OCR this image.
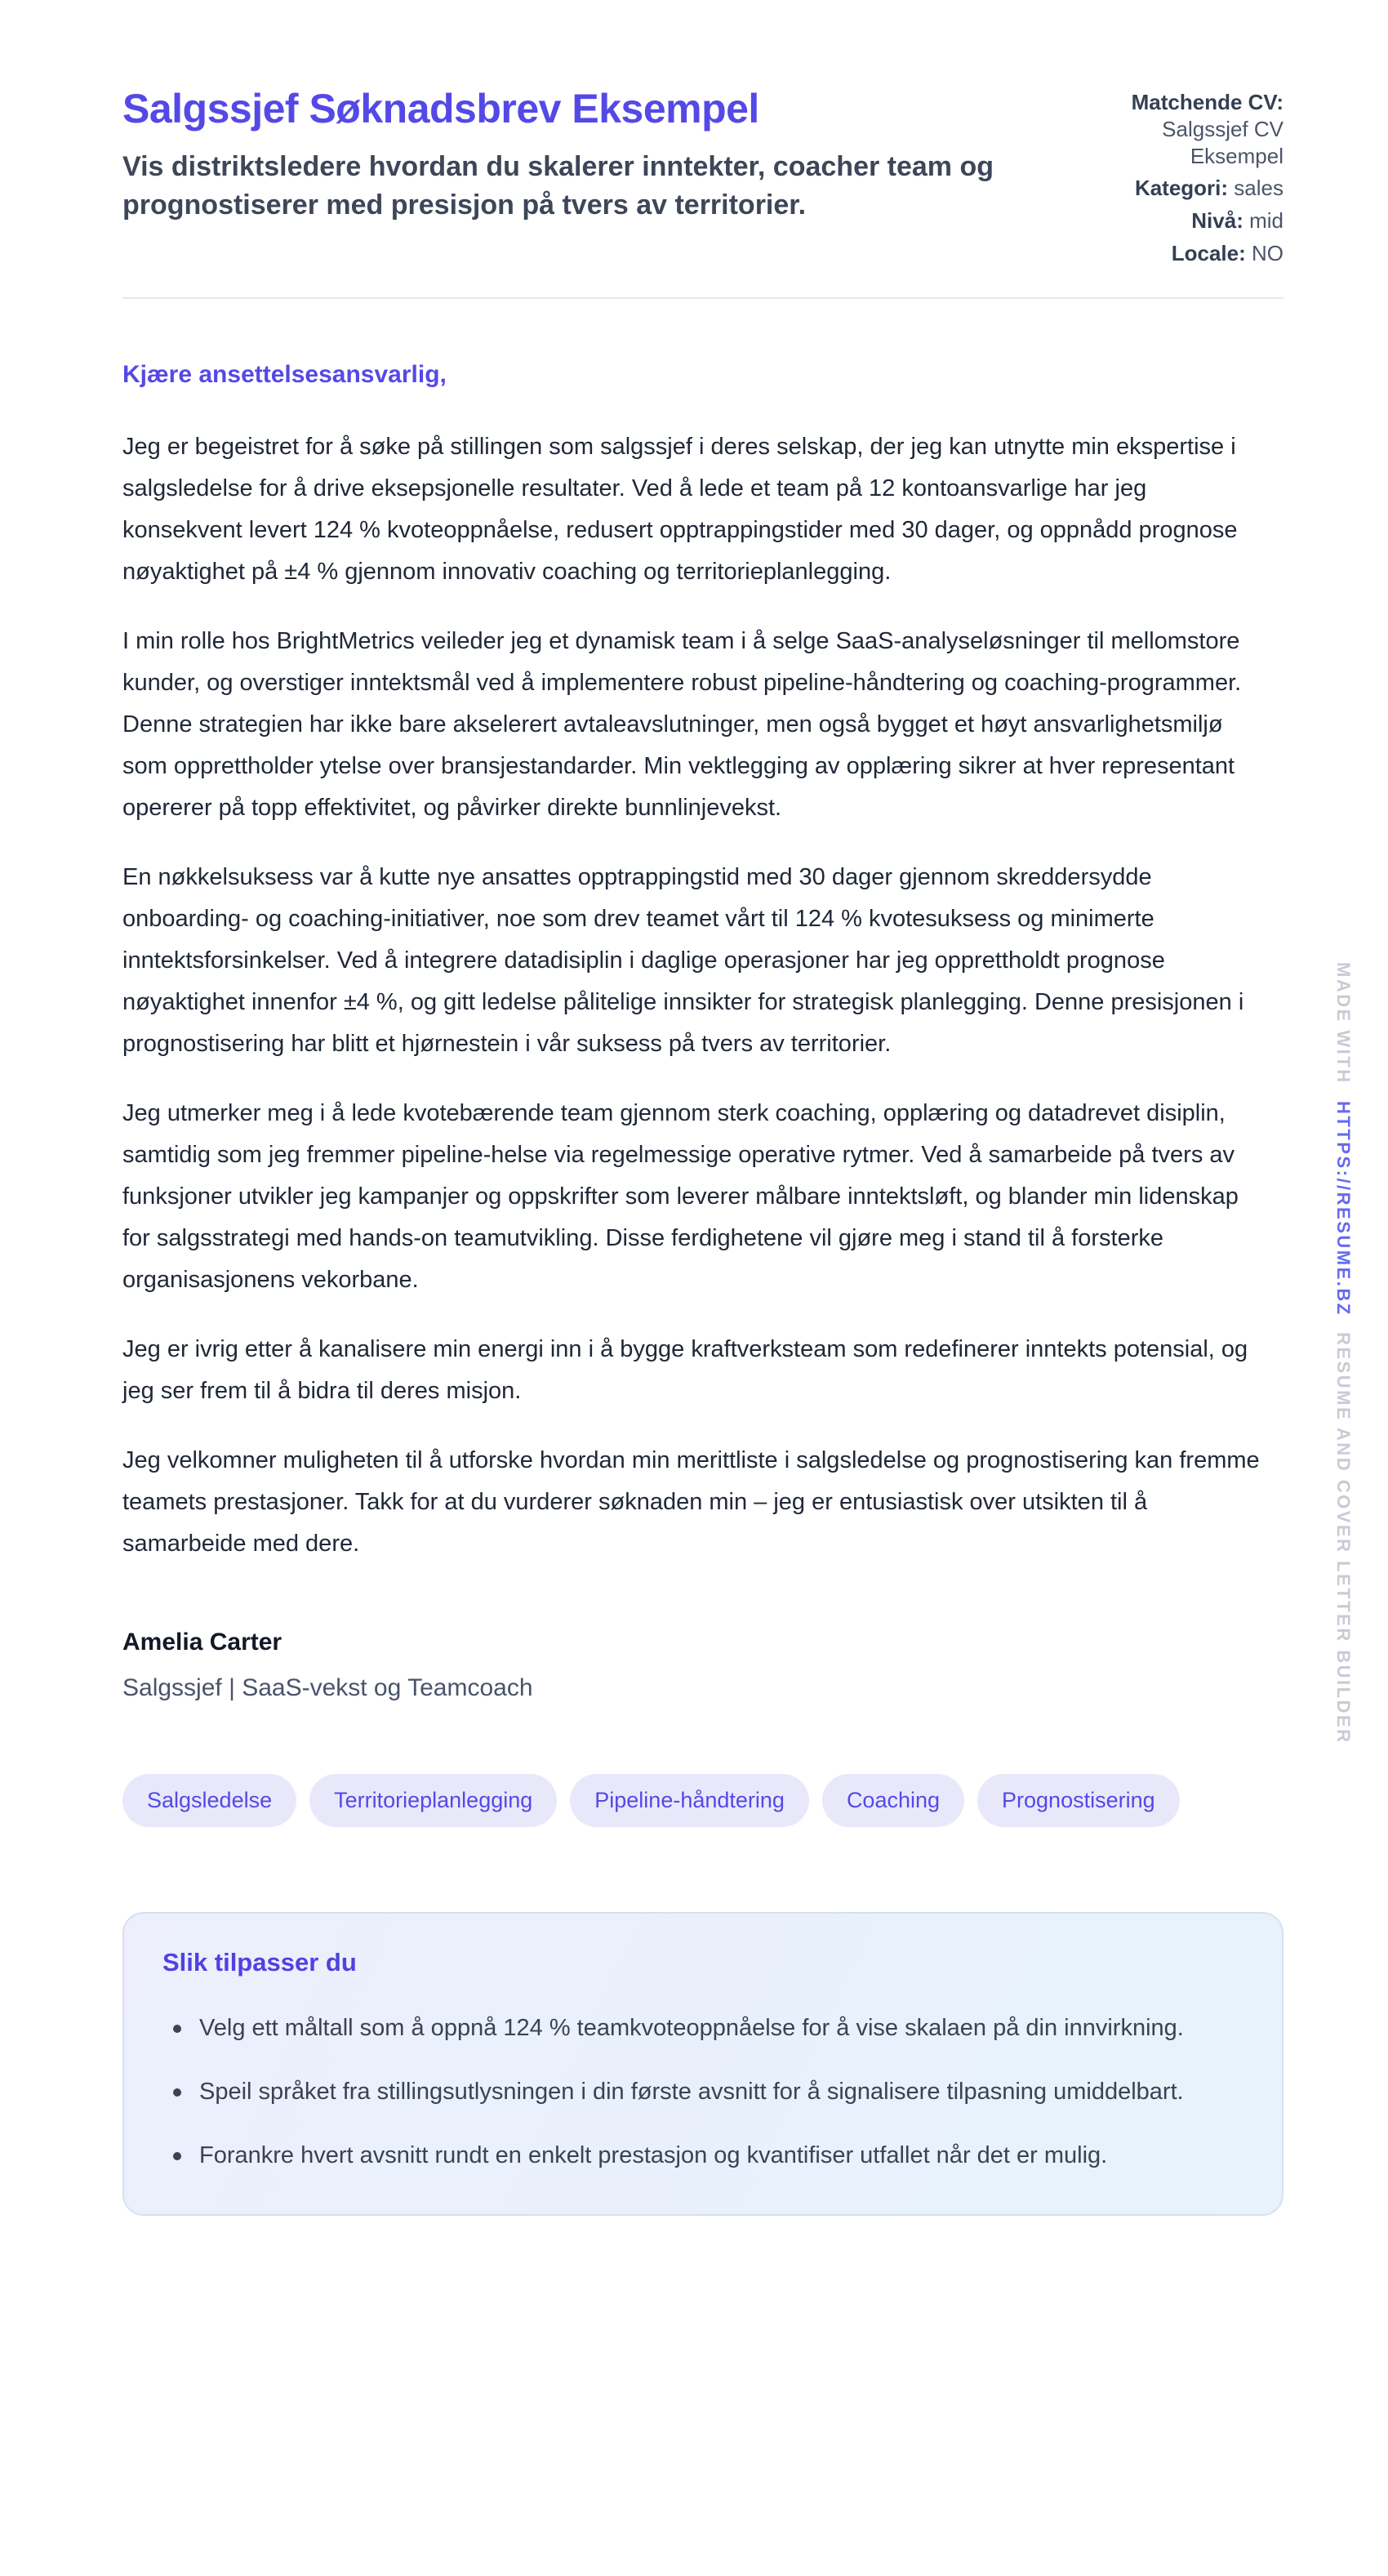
Salgssjef Søknadsbrev Eksempel
Vis distriktsledere hvordan du skalerer inntekter, coacher team og prognostiserer med presisjon på tvers av territorier.
Matchende CV: Salgssjef CV Eksempel
Kategori: sales
Nivå: mid
Locale: NO
Kjære ansettelsesansvarlig,

Jeg er begeistret for å søke på stillingen som salgssjef i deres selskap, der jeg kan utnytte min ekspertise i salgsledelse for å drive eksepsjonelle resultater. Ved å lede et team på 12 kontoansvarlige har jeg konsekvent levert 124 % kvoteoppnåelse, redusert opptrappingstider med 30 dager, og oppnådd prognose nøyaktighet på ±4 % gjennom innovativ coaching og territorieplanlegging.

I min rolle hos BrightMetrics veileder jeg et dynamisk team i å selge SaaS-analyseløsninger til mellomstore kunder, og overstiger inntektsmål ved å implementere robust pipeline-håndtering og coaching-programmer. Denne strategien har ikke bare akselerert avtaleavslutninger, men også bygget et høyt ansvarlighetsmiljø som opprettholder ytelse over bransjestandarder. Min vektlegging av opplæring sikrer at hver representant opererer på topp effektivitet, og påvirker direkte bunnlinjevekst.

En nøkkelsuksess var å kutte nye ansattes opptrappingstid med 30 dager gjennom skreddersydde onboarding- og coaching-initiativer, noe som drev teamet vårt til 124 % kvotesuksess og minimerte inntektsforsinkelser. Ved å integrere datadisiplin i daglige operasjoner har jeg opprettholdt prognose nøyaktighet innenfor ±4 %, og gitt ledelse pålitelige innsikter for strategisk planlegging. Denne presisjonen i prognostisering har blitt et hjørnestein i vår suksess på tvers av territorier.

Jeg utmerker meg i å lede kvotebærende team gjennom sterk coaching, opplæring og datadrevet disiplin, samtidig som jeg fremmer pipeline-helse via regelmessige operative rytmer. Ved å samarbeide på tvers av funksjoner utvikler jeg kampanjer og oppskrifter som leverer målbare inntektsløft, og blander min lidenskap for salgsstrategi med hands-on teamutvikling. Disse ferdighetene vil gjøre meg i stand til å forsterke organisasjonens vekorbane.

Jeg er ivrig etter å kanalisere min energi inn i å bygge kraftverksteam som redefinerer inntekts potensial, og jeg ser frem til å bidra til deres misjon.

Jeg velkomner muligheten til å utforske hvordan min merittliste i salgsledelse og prognostisering kan fremme teamets prestasjoner. Takk for at du vurderer søknaden min – jeg er entusiastisk over utsikten til å samarbeide med dere.

Amelia Carter
Salgssjef | SaaS-vekst og Teamcoach
Salgsledelse	Territorieplanlegging	Pipeline-håndtering	Coaching	Prognostisering
Slik tilpasser du
Velg ett måltall som å oppnå 124 % teamkvoteoppnåelse for å vise skalaen på din innvirkning.
Speil språket fra stillingsutlysningen i din første avsnitt for å signalisere tilpasning umiddelbart.
Forankre hvert avsnitt rundt en enkelt prestasjon og kvantifiser utfallet når det er mulig.
MADE WITH
HTTPS://RESUME.BZ
RESUME AND COVER LETTER BUILDER
